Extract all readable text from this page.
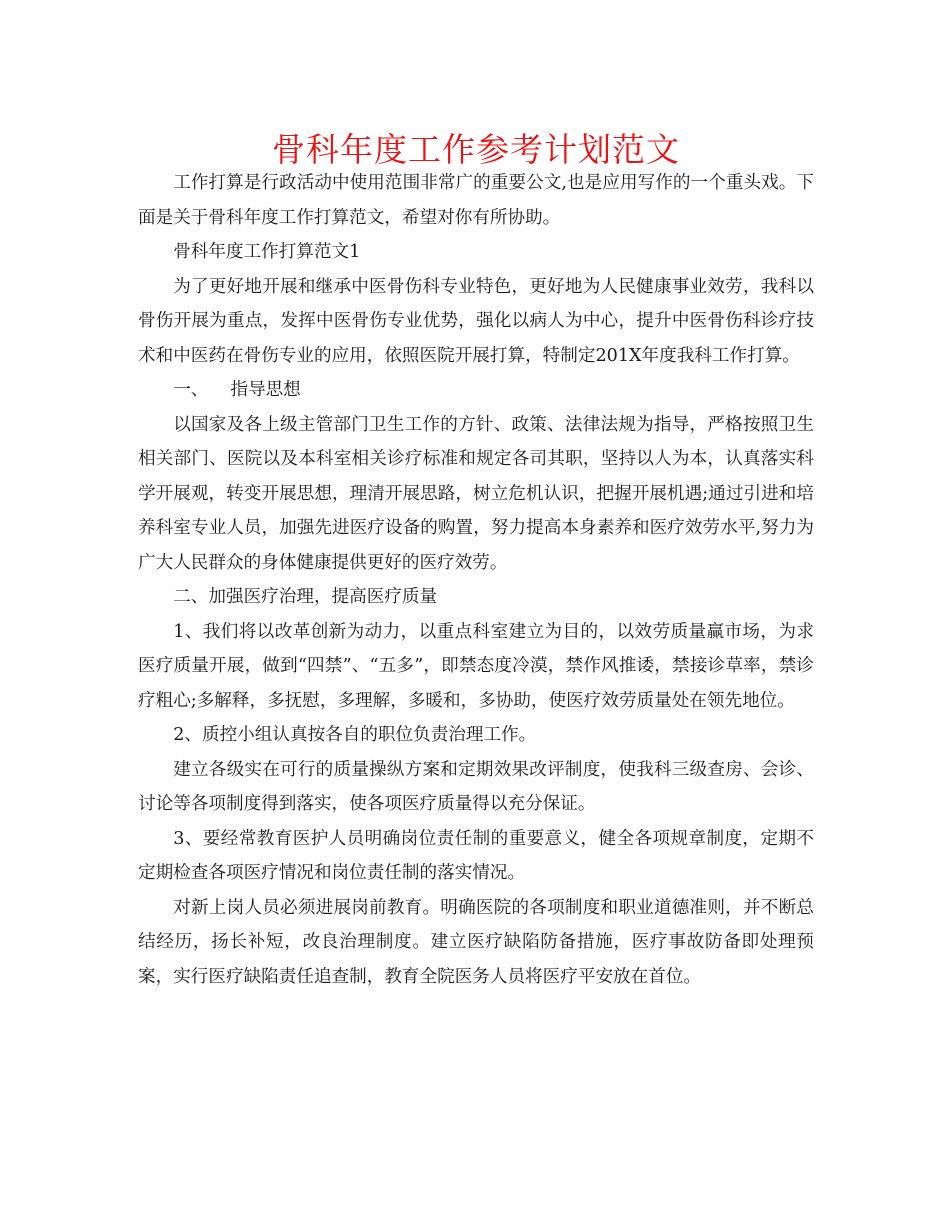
骨科年度工作参考计划范文

工作打算是行政活动中使用范围非常广的重要公文,也是应用写作的一个重头戏。下面是关于骨科年度工作打算范文，希望对你有所协助。

骨科年度工作打算范文1

为了更好地开展和继承中医骨伤科专业特色，更好地为人民健康事业效劳，我科以骨伤开展为重点，发挥中医骨伤专业优势，强化以病人为中心，提升中医骨伤科诊疗技术和中医药在骨伤专业的应用，依照医院开展打算，特制定201X年度我科工作打算。

一、 指导思想

以国家及各上级主管部门卫生工作的方针、政策、法律法规为指导，严格按照卫生相关部门、医院以及本科室相关诊疗标准和规定各司其职，坚持以人为本，认真落实科学开展观，转变开展思想，理清开展思路，树立危机认识，把握开展机遇;通过引进和培养科室专业人员，加强先进医疗设备的购置，努力提高本身素养和医疗效劳水平,努力为广大人民群众的身体健康提供更好的医疗效劳。

二、加强医疗治理，提高医疗质量

1、我们将以改革创新为动力，以重点科室建立为目的，以效劳质量赢市场，为求医疗质量开展，做到“四禁”、“五多”，即禁态度冷漠，禁作风推诿，禁接诊草率，禁诊疗粗心;多解释，多抚慰，多理解，多暖和，多协助，使医疗效劳质量处在领先地位。

2、质控小组认真按各自的职位负责治理工作。

建立各级实在可行的质量操纵方案和定期效果改评制度，使我科三级查房、会诊、讨论等各项制度得到落实，使各项医疗质量得以充分保证。

3、要经常教育医护人员明确岗位责任制的重要意义，健全各项规章制度，定期不定期检查各项医疗情况和岗位责任制的落实情况。

对新上岗人员必须进展岗前教育。明确医院的各项制度和职业道德准则，并不断总结经历，扬长补短，改良治理制度。建立医疗缺陷防备措施，医疗事故防备即处理预案，实行医疗缺陷责任追查制，教育全院医务人员将医疗平安放在首位。
